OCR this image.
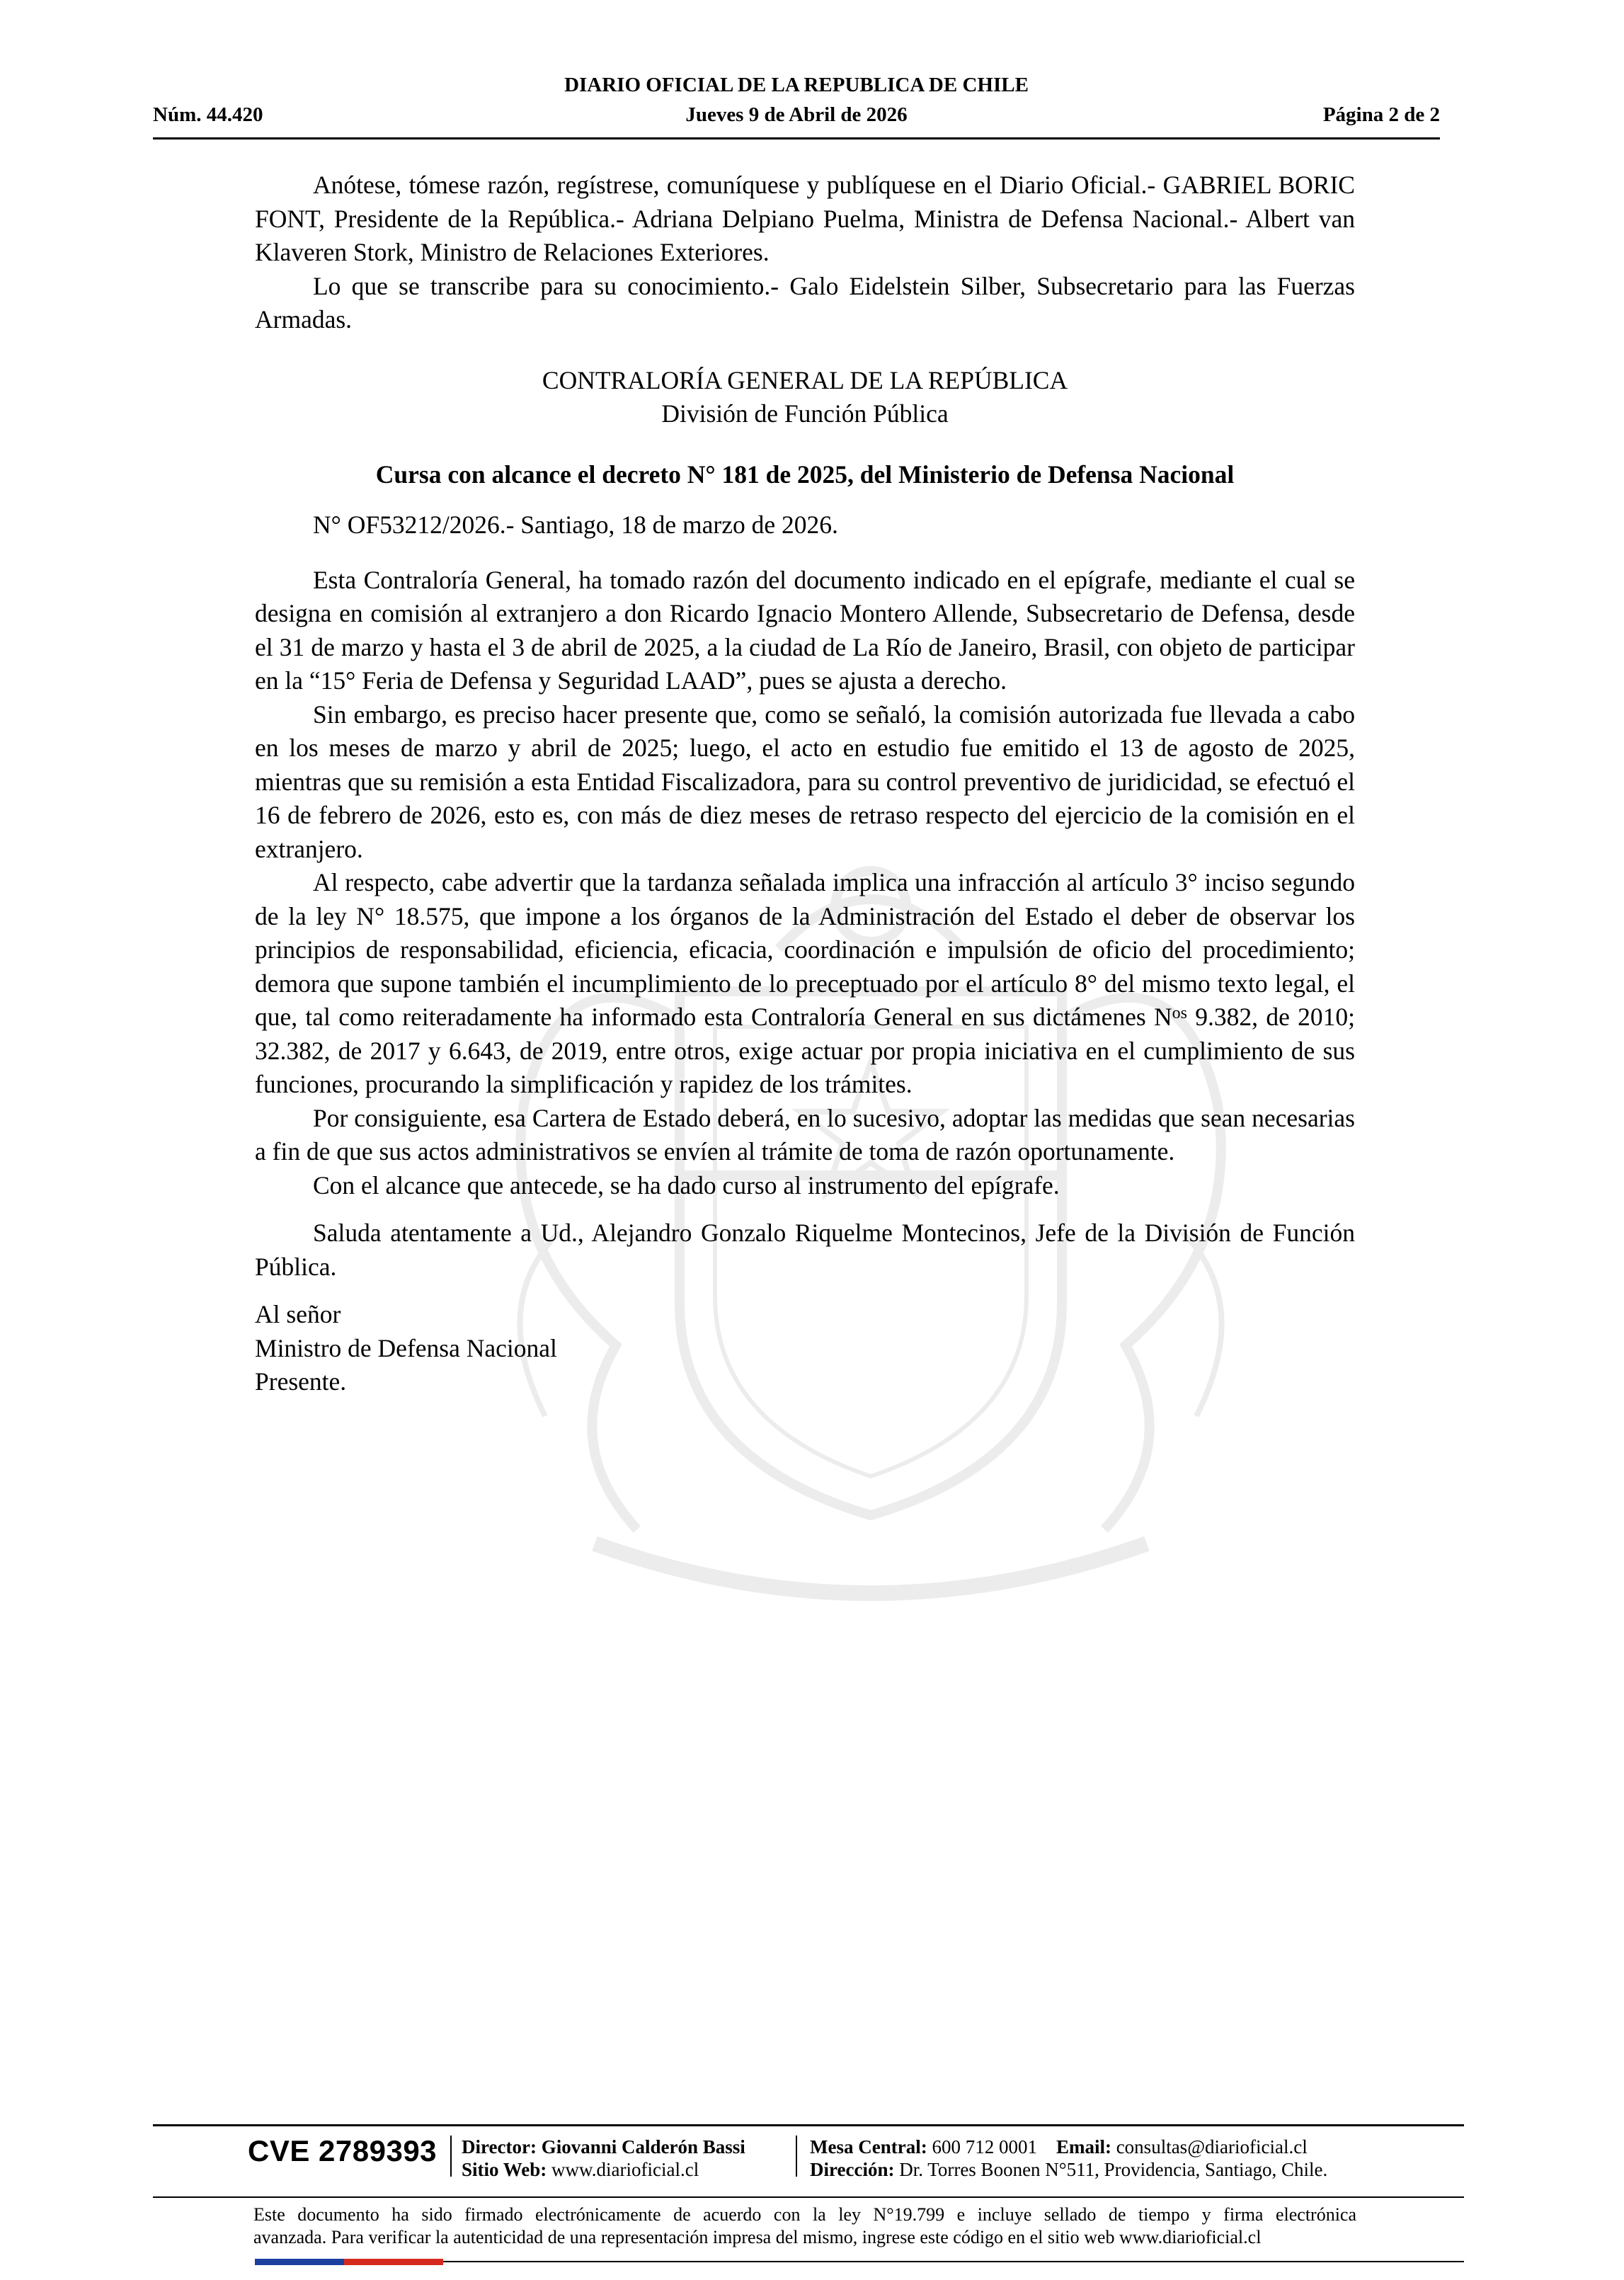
DIARIO OFICIAL DE LA REPUBLICA DE CHILE
Núm. 44.420	Jueves 9 de Abril de 2026	Página 2 de 2

Anótese, tómese razón, regístrese, comuníquese y publíquese en el Diario Oficial.- GABRIEL BORIC FONT, Presidente de la República.- Adriana Delpiano Puelma, Ministra de Defensa Nacional.- Albert van Klaveren Stork, Ministro de Relaciones Exteriores.

Lo que se transcribe para su conocimiento.- Galo Eidelstein Silber, Subsecretario para las Fuerzas Armadas.

CONTRALORÍA GENERAL DE LA REPÚBLICA

División de Función Pública

Cursa con alcance el decreto N° 181 de 2025, del Ministerio de Defensa Nacional

N° OF53212/2026.- Santiago, 18 de marzo de 2026.

Esta Contraloría General, ha tomado razón del documento indicado en el epígrafe, mediante el cual se designa en comisión al extranjero a don Ricardo Ignacio Montero Allende, Subsecretario de Defensa, desde el 31 de marzo y hasta el 3 de abril de 2025, a la ciudad de La Río de Janeiro, Brasil, con objeto de participar en la “15° Feria de Defensa y Seguridad LAAD”, pues se ajusta a derecho.

Sin embargo, es preciso hacer presente que, como se señaló, la comisión autorizada fue llevada a cabo en los meses de marzo y abril de 2025; luego, el acto en estudio fue emitido el 13 de agosto de 2025, mientras que su remisión a esta Entidad Fiscalizadora, para su control preventivo de juridicidad, se efectuó el 16 de febrero de 2026, esto es, con más de diez meses de retraso respecto del ejercicio de la comisión en el extranjero.

Al respecto, cabe advertir que la tardanza señalada implica una infracción al artículo 3° inciso segundo de la ley N° 18.575, que impone a los órganos de la Administración del Estado el deber de observar los principios de responsabilidad, eficiencia, eficacia, coordinación e impulsión de oficio del procedimiento; demora que supone también el incumplimiento de lo preceptuado por el artículo 8° del mismo texto legal, el que, tal como reiteradamente ha informado esta Contraloría General en sus dictámenes $N^{os}$ 9.382, de 2010; 32.382, de 2017 y 6.643, de 2019, entre otros, exige actuar por propia iniciativa en el cumplimiento de sus funciones, procurando la simplificación y rapidez de los trámites.

Por consiguiente, esa Cartera de Estado deberá, en lo sucesivo, adoptar las medidas que sean necesarias a fin de que sus actos administrativos se envíen al trámite de toma de razón oportunamente.

Con el alcance que antecede, se ha dado curso al instrumento del epígrafe.

Saluda atentamente a Ud., Alejandro Gonzalo Riquelme Montecinos, Jefe de la División de Función Pública.

Al señor

Ministro de Defensa Nacional

Presente.

CVE 2789393 Director: Giovanni Calderón Bassi
Sitio Web: www.diarioficial.cl
Mesa Central: 600 712 0001 Email: consultas@diarioficial.cl
Dirección: Dr. Torres Boonen N°511, Providencia, Santiago, Chile.
Este documento ha sido firmado electrónicamente de acuerdo con la ley N°19.799 e incluye sellado de tiempo y firma electrónica
avanzada. Para verificar la autenticidad de una representación impresa del mismo, ingrese este código en el sitio web www.diarioficial.cl
